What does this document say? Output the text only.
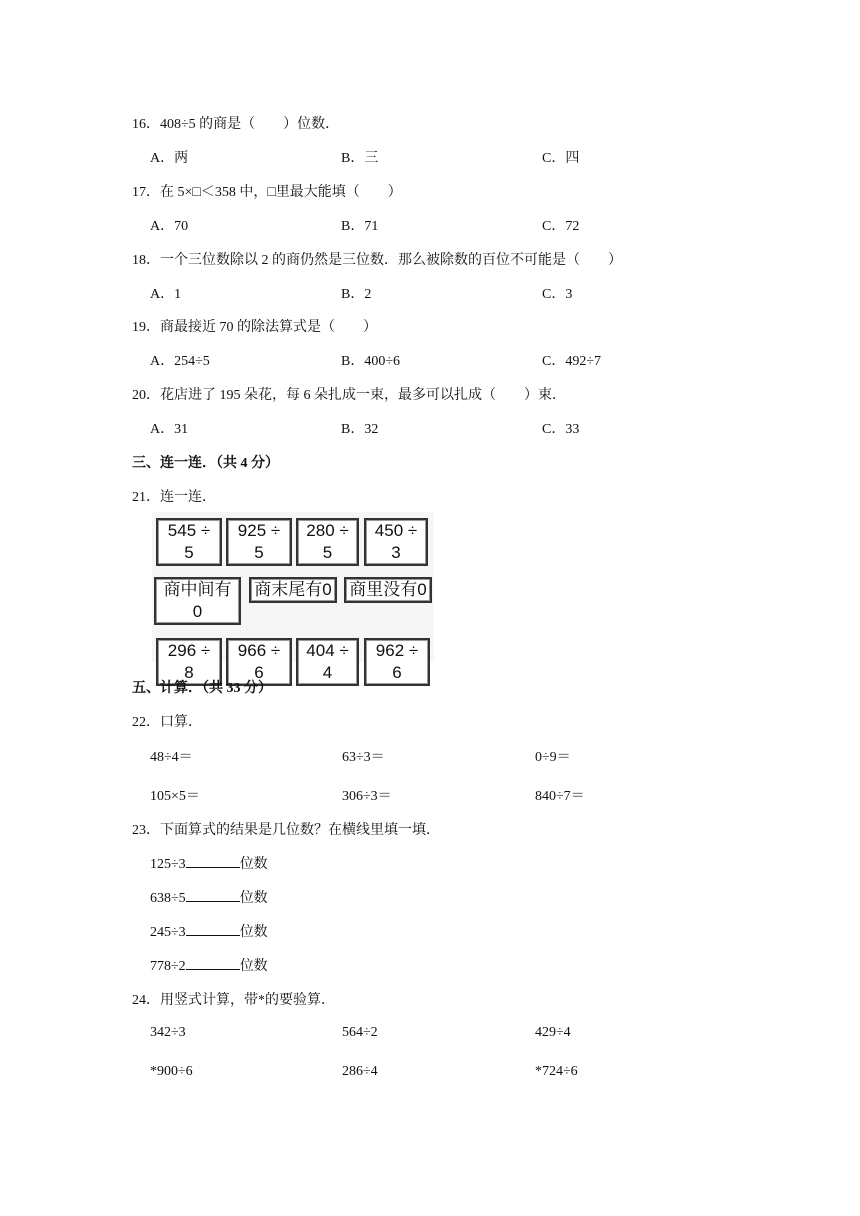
16．408÷5 的商是（　　）位数．
A．两	B．三	C．四
17．在 5×□＜358 中，□里最大能填（　　）
A．70	B．71	C．72
18．一个三位数除以 2 的商仍然是三位数．那么被除数的百位不可能是（　　）
A．1	B．2	C．3
19．商最接近 70 的除法算式是（　　）
A．254÷5	B．400÷6	C．492÷7
20．花店进了 195 朵花，每 6 朵扎成一束，最多可以扎成（　　）束．
A．31	B．32	C．33
三、连一连．（共 4 分）
21．连一连．
545 ÷ 5
925 ÷ 5
280 ÷ 5
450 ÷ 3
商中间有0
商末尾有0	商里没有0
296 ÷ 8
966 ÷ 6
404 ÷ 4
962 ÷ 6
五、计算．（共 33 分）
22．口算．
48÷4＝	63÷3＝	0÷9＝
105×5＝	306÷3＝	840÷7＝
23．下面算式的结果是几位数？在横线里填一填．
125÷3	位数
638÷5	位数
245÷3	位数
778÷2	位数
24．用竖式计算，带*的要验算．
342÷3	564÷2	429÷4
*900÷6	286÷4	*724÷6
